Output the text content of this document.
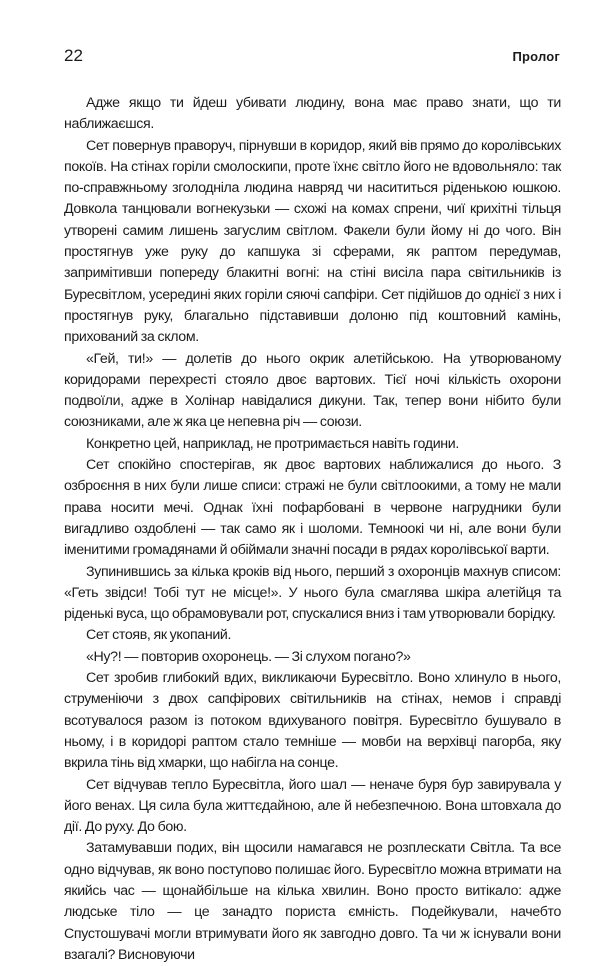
22	Пролог

Адже якщо ти йдеш убивати людину, вона має право знати, що ти наближаєшся.

Сет повернув праворуч, пірнувши в коридор, який вів прямо до королівських покоїв. На стінах горіли смолоскипи, проте їхнє світло його не вдовольняло: так по-справжньому зголодніла людина навряд чи насититься ріденькою юшкою. Довкола танцювали вогнекузьки — схожі на комах спрени, чиї крихітні тільця утворені самим лишень загуслим світлом. Факели були йому ні до чого. Він простягнув уже руку до капшука зі сферами, як раптом передумав, запримітивши попереду блакитні вогні: на стіні висіла пара світильників із Буресвітлом, усередині яких горіли сяючі сапфіри. Сет підійшов до однієї з них і простягнув руку, благально підставивши долоню під коштовний камінь, прихований за склом.

«Гей, ти!» — долетів до нього окрик алетійською. На утворюваному коридорами перехресті стояло двоє вартових. Тієї ночі кількість охорони подвоїли, адже в Холінар навідалися дикуни. Так, тепер вони нібито були союзниками, але ж яка це непевна річ — союзи.

Конкретно цей, наприклад, не протримається навіть години.

Сет спокійно спостерігав, як двоє вартових наближалися до нього. З озброєння в них були лише списи: стражі не були світлоокими, а тому не мали права носити мечі. Однак їхні пофарбовані в червоне нагрудники були вигадливо оздоблені — так само як і шоломи. Темноокі чи ні, але вони були іменитими громадянами й обіймали значні посади в рядах королівської варти.

Зупинившись за кілька кроків від нього, перший з охоронців махнув списом: «Геть звідси! Тобі тут не місце!». У нього була смаглява шкіра алетійця та ріденькі вуса, що обрамовували рот, спускалися вниз і там утворювали борідку.

Сет стояв, як укопаний.

«Ну?! — повторив охоронець. — Зі слухом погано?»

Сет зробив глибокий вдих, викликаючи Буресвітло. Воно хлинуло в нього, струменіючи з двох сапфірових світильників на стінах, немов і справді всотувалося разом із потоком вдихуваного повітря. Буресвітло бушувало в ньому, і в коридорі раптом стало темніше — мовби на верхівці пагорба, яку вкрила тінь від хмарки, що набігла на сонце.

Сет відчував тепло Буресвітла, його шал — неначе буря бур завирувала у його венах. Ця сила була життєдайною, але й небезпечною. Вона штовхала до дії. До руху. До бою.

Затамувавши подих, він щосили намагався не розплескати Світла. Та все одно відчував, як воно поступово полишає його. Буресвітло можна втримати на якийсь час — щонайбільше на кілька хвилин. Воно просто витікало: адже людське тіло — це занадто пориста ємність. Подейкували, начебто Спустошувачі могли втримувати його як завгодно довго. Та чи ж існували вони взагалі? Висновуючи
